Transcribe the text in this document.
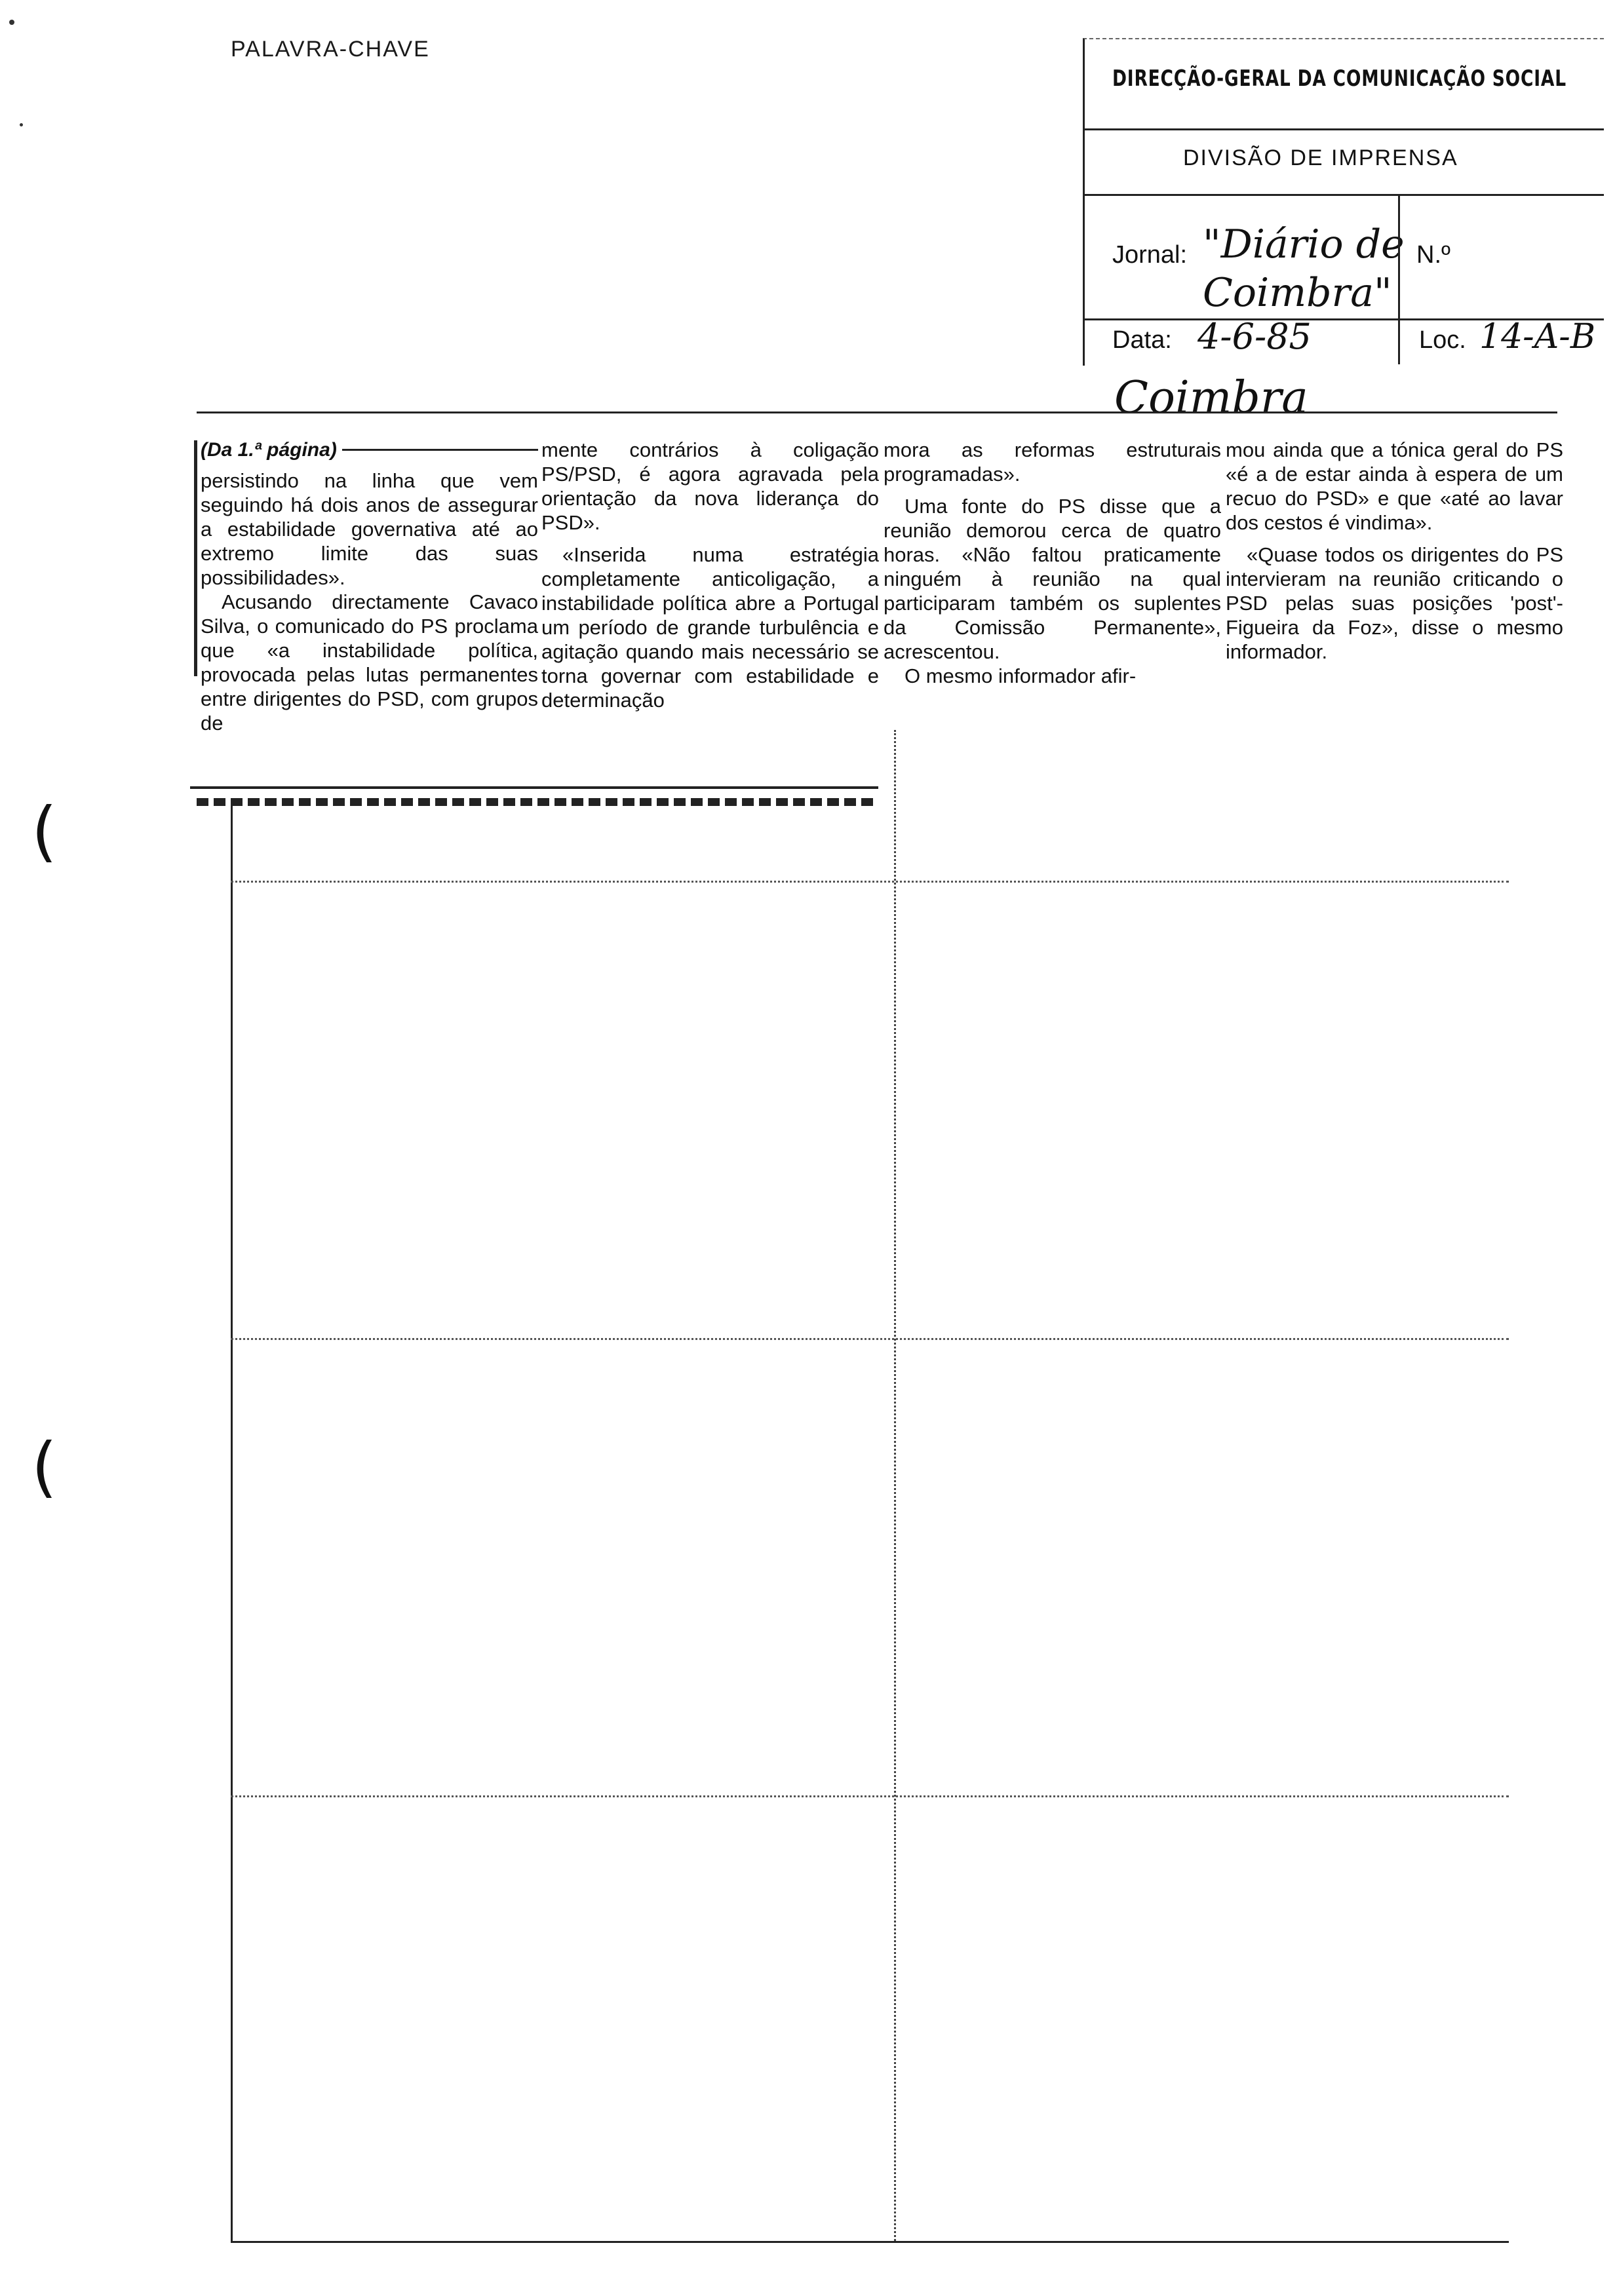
PALAVRA-CHAVE
DIRECÇÃO-GERAL DA COMUNICAÇÃO SOCIAL
DIVISÃO DE IMPRENSA
Jornal: "Diário de Coimbra"
N.º
Data: 4-6-85	Loc. 14-A-B
Coimbra
(Da 1.ª página)

persistindo na linha que vem seguindo há dois anos de assegurar a estabilidade governativa até ao extremo limite das suas possibilidades».

Acusando directamente Cavaco Silva, o comunicado do PS proclama que «a instabilidade política, provocada pelas lutas permanentes entre dirigentes do PSD, com grupos de

mente contrários à coligação PS/PSD, é agora agravada pela orientação da nova liderança do PSD».

«Inserida numa estratégia completamente anticoligação, a instabilidade política abre a Portugal um período de grande turbulência e agitação quando mais necessário se torna governar com estabilidade e determinação

mora as reformas estruturais programadas».

Uma fonte do PS disse que a reunião demorou cerca de quatro horas. «Não faltou praticamente ninguém à reunião na qual participaram também os suplentes da Comissão Permanente», acrescentou.

O mesmo informador afir-

mou ainda que a tónica geral do PS «é a de estar ainda à espera de um recuo do PSD» e que «até ao lavar dos cestos é vindima».

«Quase todos os dirigentes do PS intervieram na reunião criticando o PSD pelas suas posições 'post'-Figueira da Foz», disse o mesmo informador.

(
(
